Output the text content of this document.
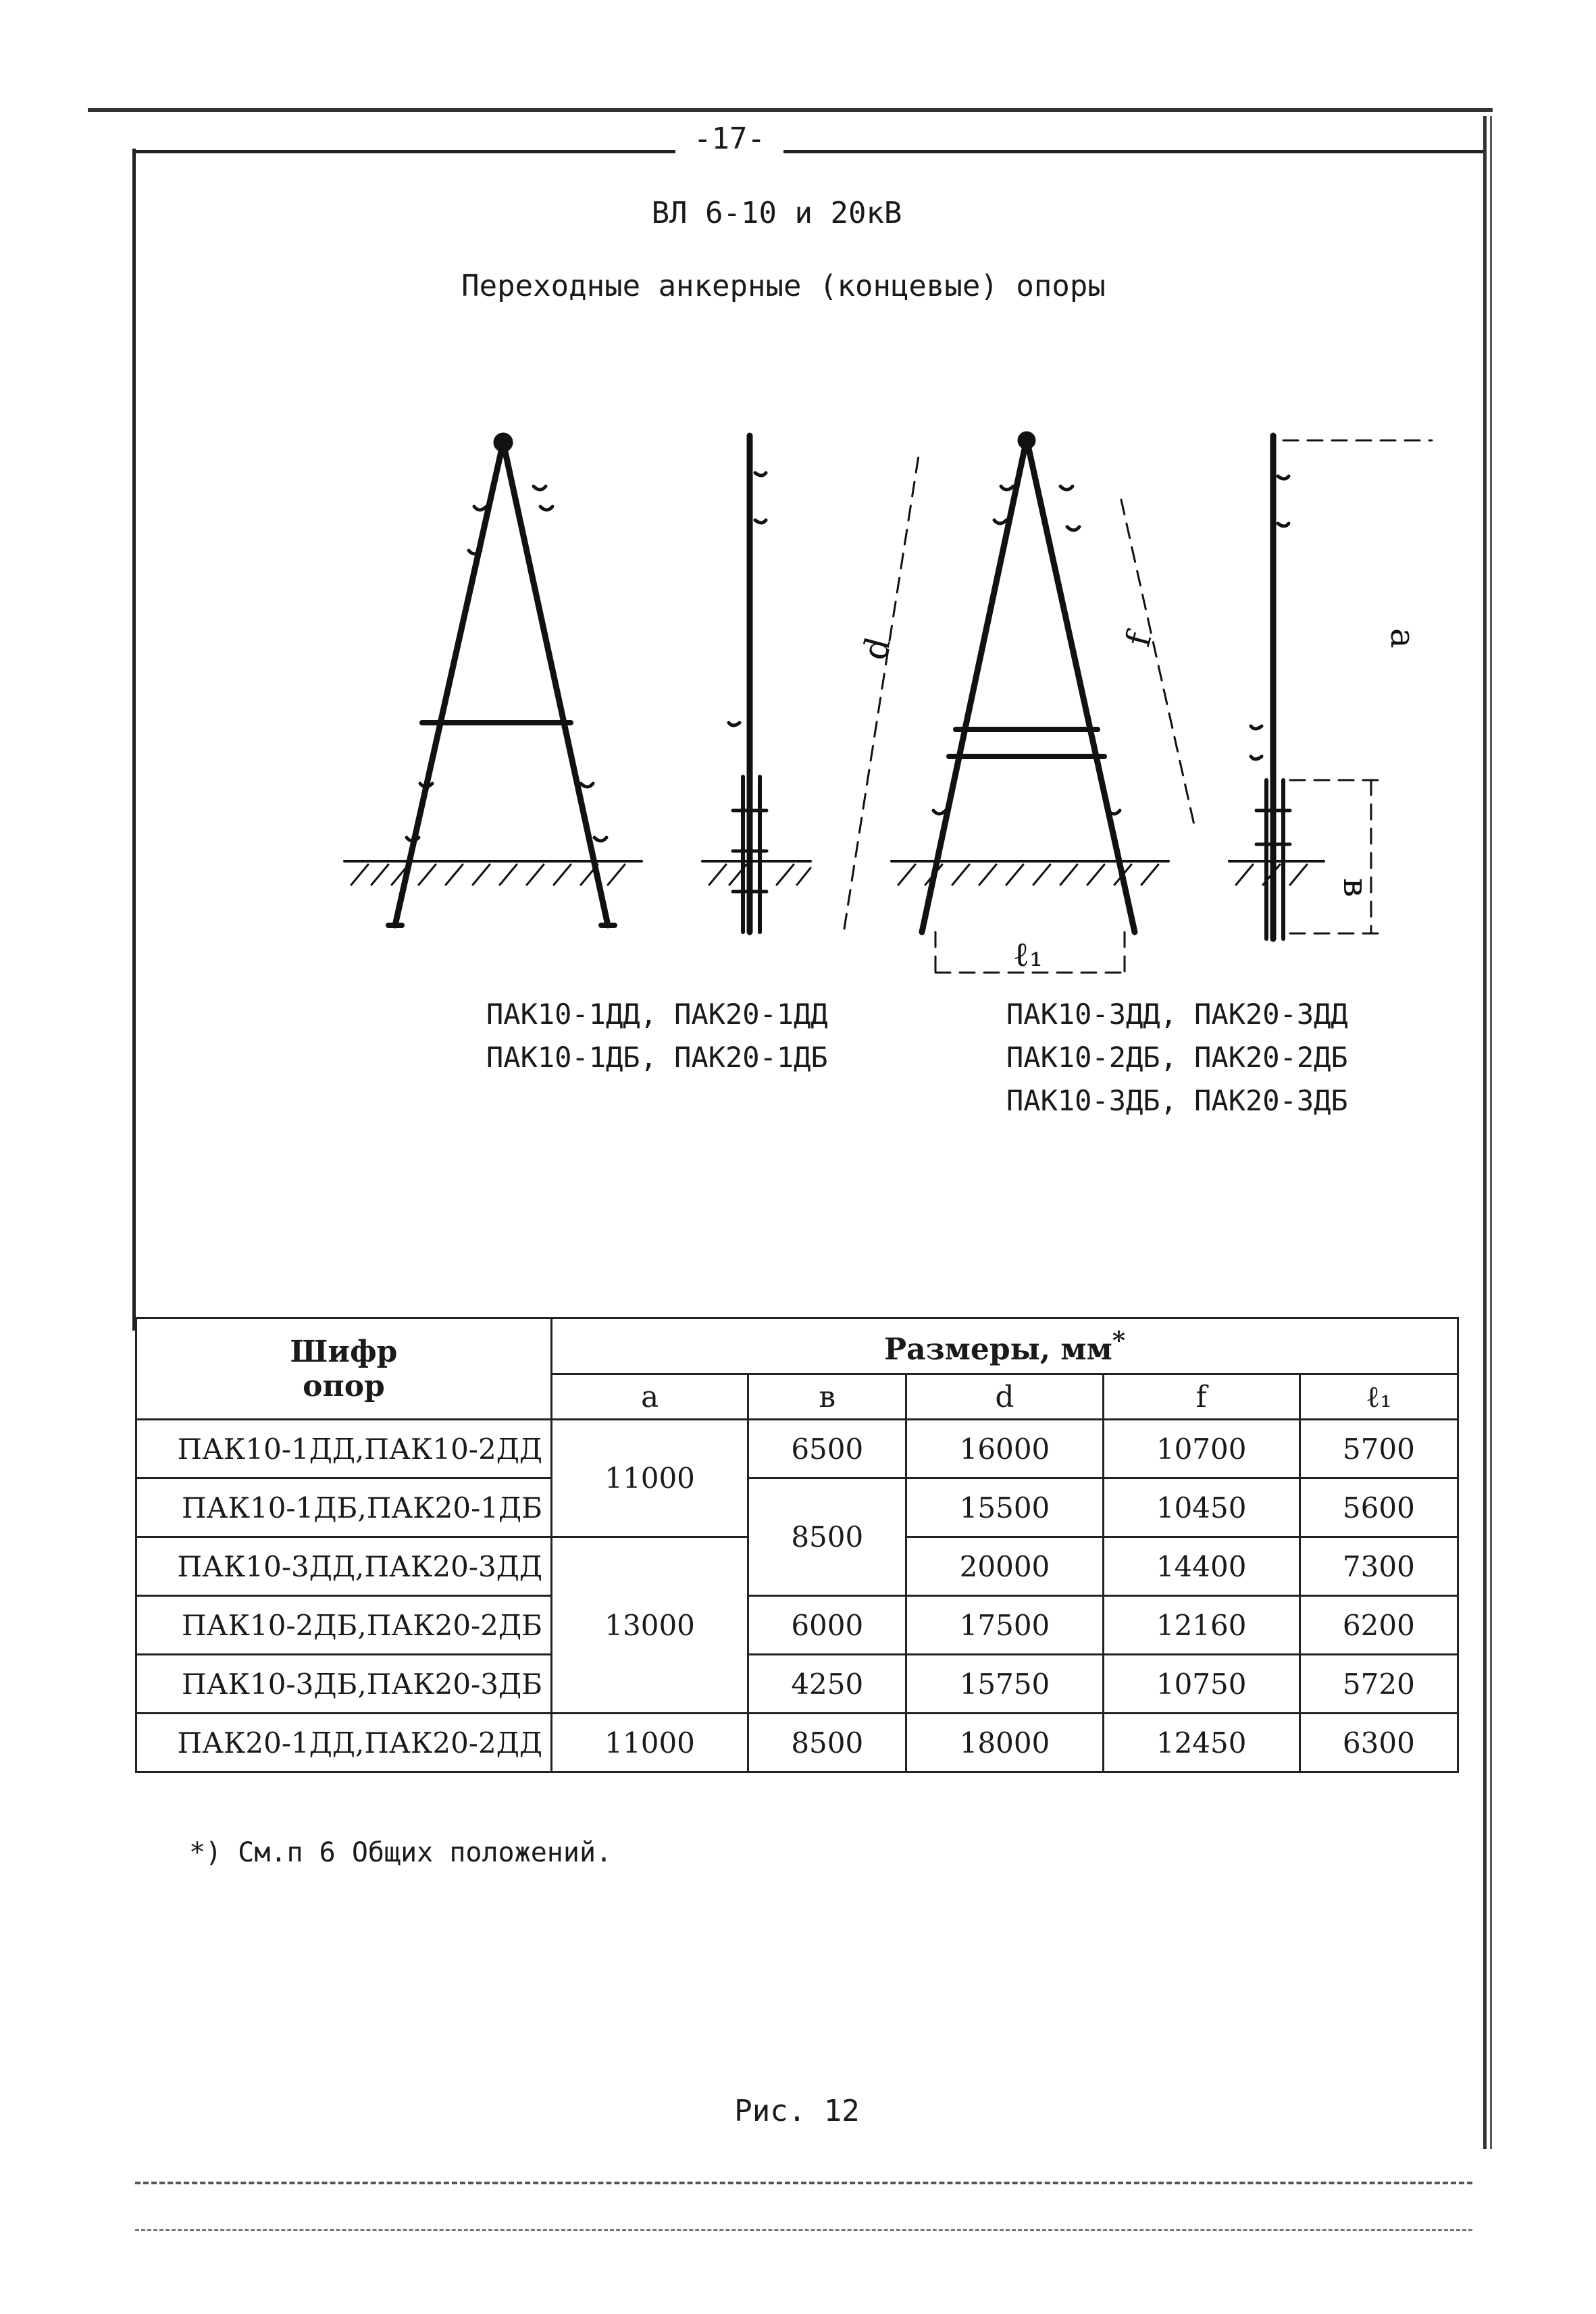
-17-
ВЛ 6-10 и 20кВ
Переходные анкерные (концевые) опоры
d	f	a
в
ℓ₁
ПАК10-1ДД, ПАК20-1ДД
ПАК10-1ДБ, ПАК20-1ДБ
ПАК10-3ДД, ПАК20-3ДД
ПАК10-2ДБ, ПАК20-2ДБ
ПАК10-3ДБ, ПАК20-3ДБ
Шифр
опор	Размеры, мм*
	a	в	d	f	ℓ₁
ПАК10-1ДД,ПАК10-2ДД	11000	6500	16000	10700	5700
ПАК10-1ДБ,ПАК20-1ДБ		8500	15500	10450	5600
ПАК10-3ДД,ПАК20-3ДД	13000		20000	14400	7300
ПАК10-2ДБ,ПАК20-2ДБ		6000	17500	12160	6200
ПАК10-3ДБ,ПАК20-3ДБ		4250	15750	10750	5720
ПАК20-1ДД,ПАК20-2ДД	11000	8500	18000	12450	6300
*) См.п 6 Общих положений.
Рис. 12
